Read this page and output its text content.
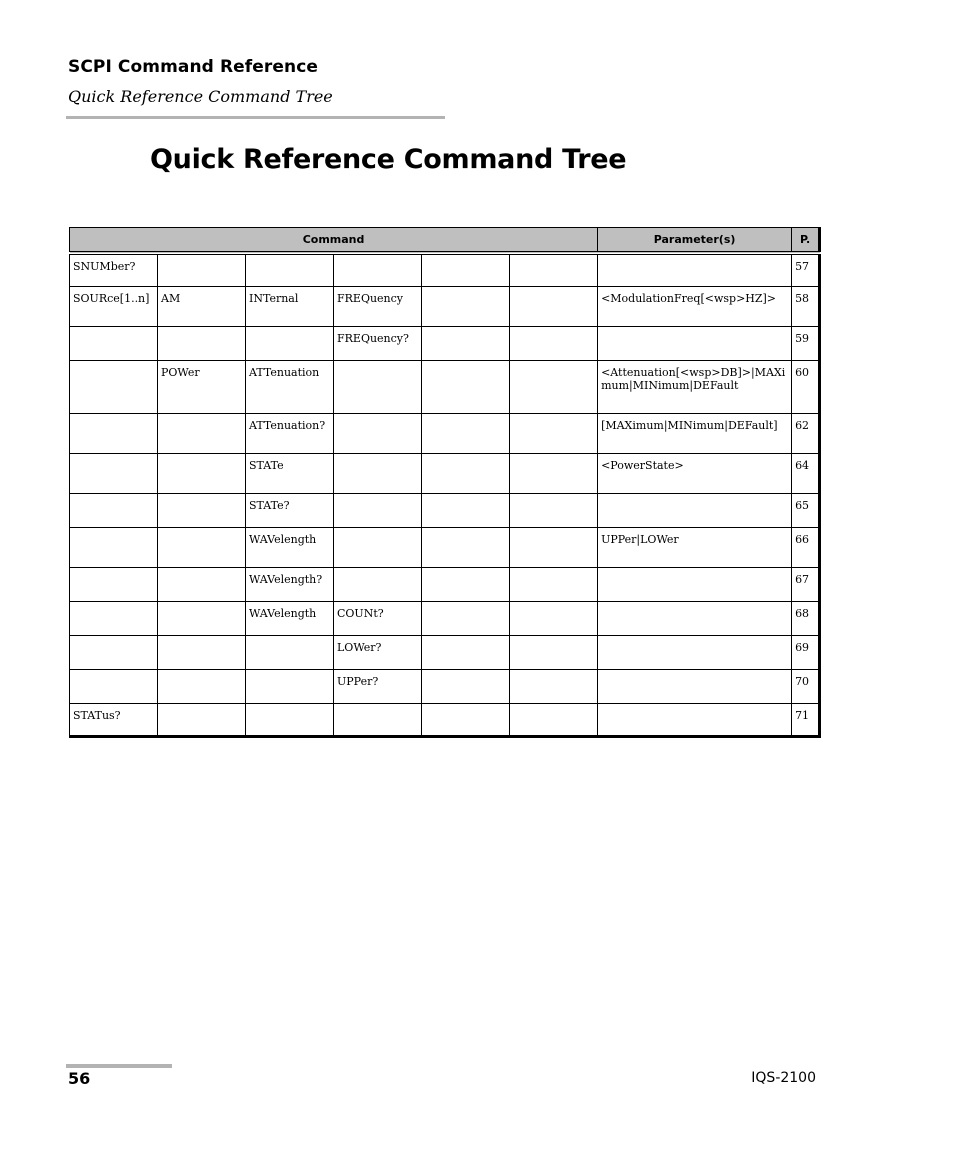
SCPI Command Reference
Quick Reference Command Tree
Quick Reference Command Tree
Command						Parameter(s)	P.
SNUMber?							57
SOURce[1..n]	AM	INTernal	FREQuency			<ModulationFreq[<wsp>HZ]>	58
			FREQuency?				59
	POWer	ATTenuation				<Attenuation[<wsp>DB]>|MAXimum|MINimum|DEFault	60
		ATTenuation?				[MAXimum|MINimum|DEFault]	62
		STATe				<PowerState>	64
		STATe?					65
		WAVelength				UPPer|LOWer	66
		WAVelength?					67
		WAVelength	COUNt?				68
			LOWer?				69
			UPPer?				70
STATus?							71
56	IQS-2100
